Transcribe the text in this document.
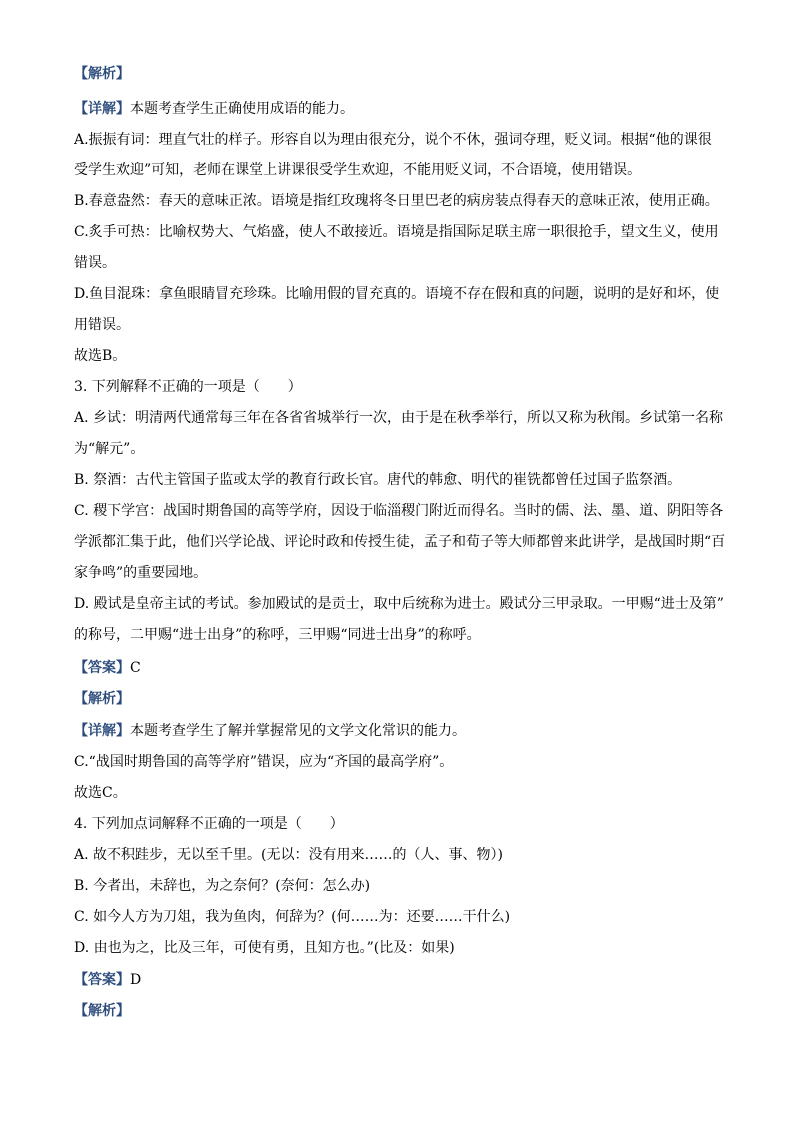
【解析】
【详解】本题考查学生正确使用成语的能力。
A.振振有词：理直气壮的样子。形容自以为理由很充分，说个不休，强词夺理，贬义词。根据“他的课很
受学生欢迎”可知，老师在课堂上讲课很受学生欢迎，不能用贬义词，不合语境，使用错误。
B.春意盎然：春天的意味正浓。语境是指红玫瑰将冬日里巴老的病房装点得春天的意味正浓，使用正确。
C.炙手可热：比喻权势大、气焰盛，使人不敢接近。语境是指国际足联主席一职很抢手，望文生义，使用
错误。
D.鱼目混珠：拿鱼眼睛冒充珍珠。比喻用假的冒充真的。语境不存在假和真的问题，说明的是好和坏，使
用错误。
故选B。
3. 下列解释不正确的一项是（　　）
A. 乡试：明清两代通常每三年在各省省城举行一次，由于是在秋季举行，所以又称为秋闱。乡试第一名称
为“解元”。
B. 祭酒：古代主管国子监或太学的教育行政长官。唐代的韩愈、明代的崔铣都曾任过国子监祭酒。
C. 稷下学宫：战国时期鲁国的高等学府，因设于临淄稷门附近而得名。当时的儒、法、墨、道、阴阳等各
学派都汇集于此，他们兴学论战、评论时政和传授生徒，孟子和荀子等大师都曾来此讲学，是战国时期“百
家争鸣”的重要园地。
D. 殿试是皇帝主试的考试。参加殿试的是贡士，取中后统称为进士。殿试分三甲录取。一甲赐“进士及第”
的称号，二甲赐“进士出身”的称呼，三甲赐“同进士出身”的称呼。
【答案】C
【解析】
【详解】本题考查学生了解并掌握常见的文学文化常识的能力。
C.“战国时期鲁国的高等学府”错误，应为“齐国的最高学府”。
故选C。
4. 下列加点词解释不正确的一项是（　　）
A. 故不积跬步，无以至千里。(无以：没有用来……的（人、事、物）)
B. 今者出，未辞也，为之奈何？(奈何：怎么办)
C. 如今人方为刀俎，我为鱼肉，何辞为？(何……为：还要……干什么)
D. 由也为之，比及三年，可使有勇，且知方也。”(比及：如果)
【答案】D
【解析】
